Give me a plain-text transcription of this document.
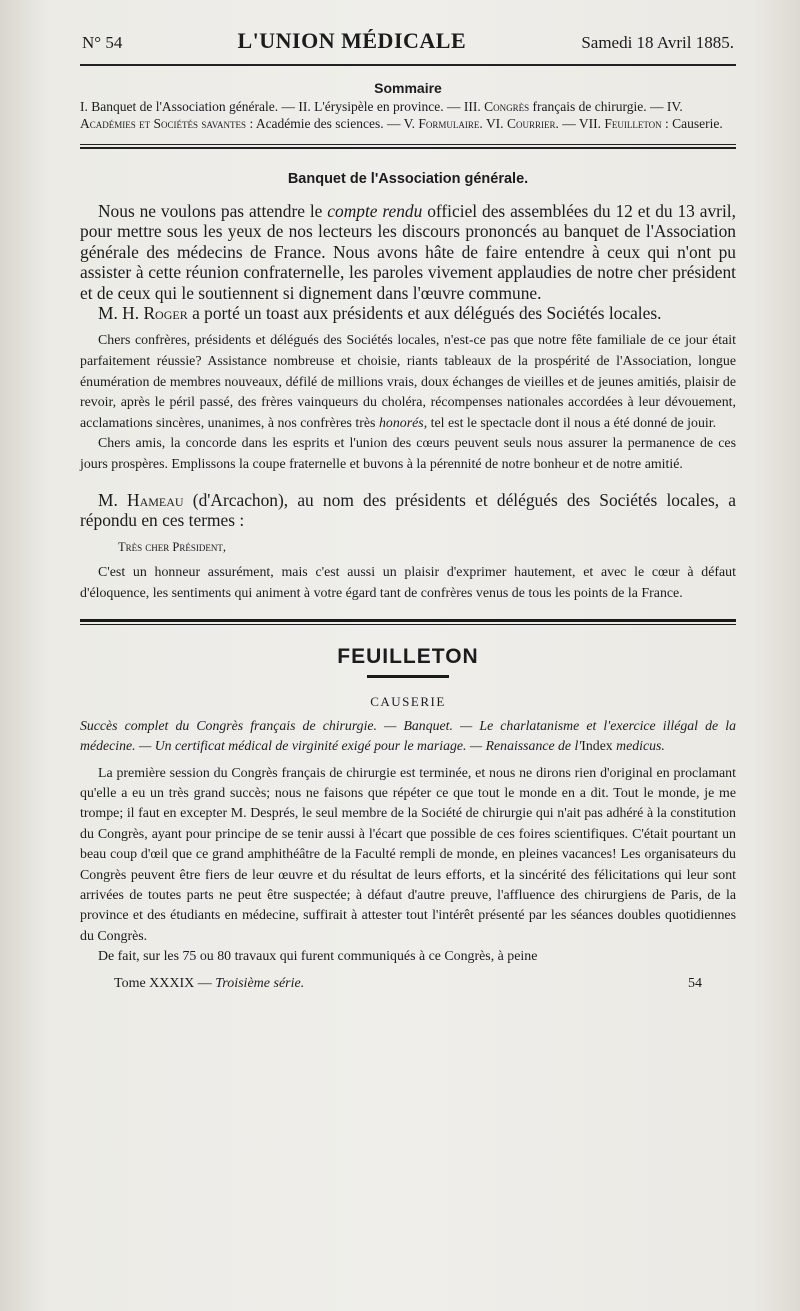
N° 54	L'UNION MÉDICALE	Samedi 18 Avril 1885.
Sommaire
I. Banquet de l'Association générale. — II. L'érysipèle en province. — III. Congrès français de chirurgie. — IV. Académies et Sociétés savantes : Académie des sciences. — V. Formulaire. VI. Courrier. — VII. Feuilleton : Causerie.
Banquet de l'Association générale.

Nous ne voulons pas attendre le compte rendu officiel des assemblées du 12 et du 13 avril, pour mettre sous les yeux de nos lecteurs les discours prononcés au banquet de l'Association générale des médecins de France. Nous avons hâte de faire entendre à ceux qui n'ont pu assister à cette réunion confraternelle, les paroles vivement applaudies de notre cher président et de ceux qui le soutiennent si dignement dans l'œuvre commune.

M. H. Roger a porté un toast aux présidents et aux délégués des Sociétés locales.

Chers confrères, présidents et délégués des Sociétés locales, n'est-ce pas que notre fête familiale de ce jour était parfaitement réussie? Assistance nombreuse et choisie, riants tableaux de la prospérité de l'Association, longue énumération de membres nouveaux, défilé de millions vrais, doux échanges de vieilles et de jeunes amitiés, plaisir de revoir, après le péril passé, des frères vainqueurs du choléra, récompenses nationales accordées à leur dévouement, acclamations sincères, unanimes, à nos confrères très honorés, tel est le spectacle dont il nous a été donné de jouir.

Chers amis, la concorde dans les esprits et l'union des cœurs peuvent seuls nous assurer la permanence de ces jours prospères. Emplissons la coupe fraternelle et buvons à la pérennité de notre bonheur et de notre amitié.

M. Hameau (d'Arcachon), au nom des présidents et délégués des Sociétés locales, a répondu en ces termes :

Très cher Président,

C'est un honneur assurément, mais c'est aussi un plaisir d'exprimer hautement, et avec le cœur à défaut d'éloquence, les sentiments qui animent à votre égard tant de confrères venus de tous les points de la France.

FEUILLETON
CAUSERIE
Succès complet du Congrès français de chirurgie. — Banquet. — Le charlatanisme et l'exercice illégal de la médecine. — Un certificat médical de virginité exigé pour le mariage. — Renaissance de l'Index medicus.

La première session du Congrès français de chirurgie est terminée, et nous ne dirons rien d'original en proclamant qu'elle a eu un très grand succès; nous ne faisons que répéter ce que tout le monde en a dit. Tout le monde, je me trompe; il faut en excepter M. Després, le seul membre de la Société de chirurgie qui n'ait pas adhéré à la constitution du Congrès, ayant pour principe de se tenir aussi à l'écart que possible de ces foires scientifiques. C'était pourtant un beau coup d'œil que ce grand amphithéâtre de la Faculté rempli de monde, en pleines vacances! Les organisateurs du Congrès peuvent être fiers de leur œuvre et du résultat de leurs efforts, et la sincérité des félicitations qui leur sont arrivées de toutes parts ne peut être suspectée; à défaut d'autre preuve, l'affluence des chirurgiens de Paris, de la province et des étudiants en médecine, suffirait à attester tout l'intérêt présenté par les séances doubles quotidiennes du Congrès.

De fait, sur les 75 ou 80 travaux qui furent communiqués à ce Congrès, à peine

Tome XXXIX — Troisième série.	54
